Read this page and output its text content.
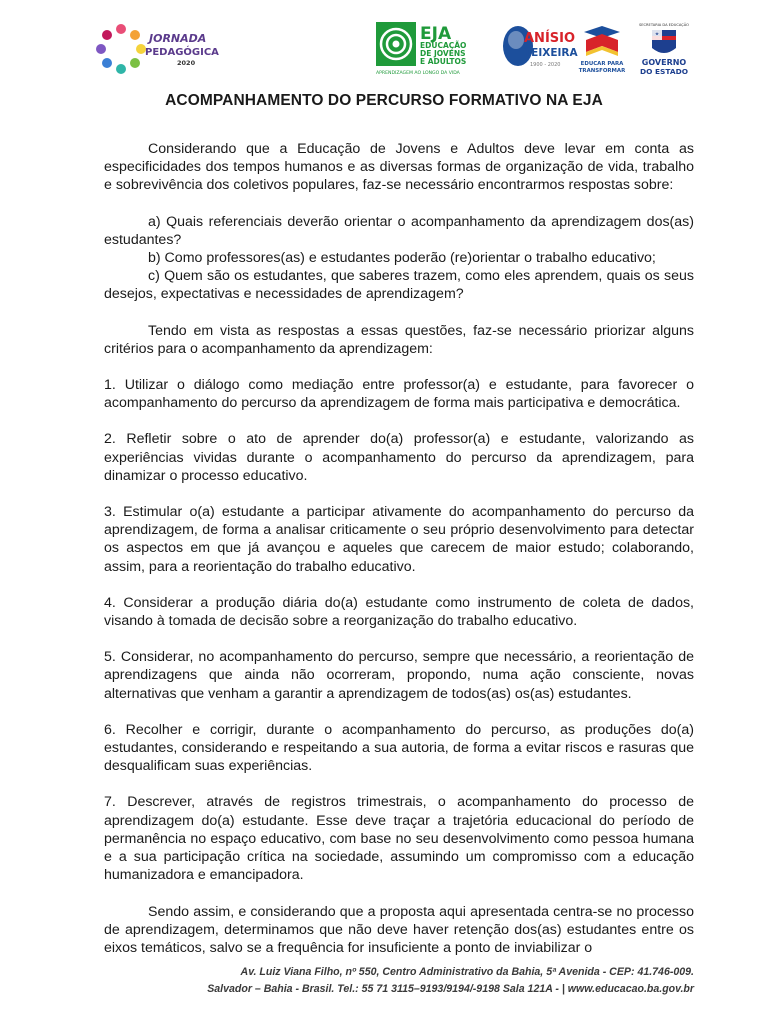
JORNADA
PEDAGÓGICA
2020
EJA
EDUCAÇÃO
DE JOVENS
E ADULTOS
APRENDIZAGEM AO LONGO DA VIDA
ANÍSIO
TEIXEIRA
1900 - 2020	EDUCAR PARA
TRANSFORMAR
SECRETARIA DA EDUCAÇÃO
GOVERNO
DO ESTADO
ACOMPANHAMENTO DO PERCURSO FORMATIVO NA EJA

Considerando que a Educação de Jovens e Adultos deve levar em conta as especificidades dos tempos humanos e as diversas formas de organização de vida, trabalho e sobrevivência dos coletivos populares, faz-se necessário encontrarmos respostas sobre:

a) Quais referenciais deverão orientar o acompanhamento da aprendizagem dos(as) estudantes?

b) Como professores(as) e estudantes poderão (re)orientar o trabalho educativo;

c) Quem são os estudantes, que saberes trazem, como eles aprendem, quais os seus desejos, expectativas e necessidades de aprendizagem?

Tendo em vista as respostas a essas questões, faz-se necessário priorizar alguns critérios para o acompanhamento da aprendizagem:

1. Utilizar o diálogo como mediação entre professor(a) e estudante, para favorecer o acompanhamento do percurso da aprendizagem de forma mais participativa e democrática.

2. Refletir sobre o ato de aprender do(a) professor(a) e estudante, valorizando as experiências vividas durante o acompanhamento do percurso da aprendizagem, para dinamizar o processo educativo.

3. Estimular o(a) estudante a participar ativamente do acompanhamento do percurso da aprendizagem, de forma a analisar criticamente o seu próprio desenvolvimento para detectar os aspectos em que já avançou e aqueles que carecem de maior estudo; colaborando, assim, para a reorientação do trabalho educativo.

4. Considerar a produção diária do(a) estudante como instrumento de coleta de dados, visando à tomada de decisão sobre a reorganização do trabalho educativo.

5. Considerar, no acompanhamento do percurso, sempre que necessário, a reorientação de aprendizagens que ainda não ocorreram, propondo, numa ação consciente, novas alternativas que venham a garantir a aprendizagem de todos(as) os(as) estudantes.

6. Recolher e corrigir, durante o acompanhamento do percurso, as produções do(a) estudantes, considerando e respeitando a sua autoria, de forma a evitar riscos e rasuras que desqualificam suas experiências.

7. Descrever, através de registros trimestrais, o acompanhamento do processo de aprendizagem do(a) estudante. Esse deve traçar a trajetória educacional do período de permanência no espaço educativo, com base no seu desenvolvimento como pessoa humana e a sua participação crítica na sociedade, assumindo um compromisso com a educação humanizadora e emancipadora.

Sendo assim, e considerando que a proposta aqui apresentada centra-se no processo de aprendizagem, determinamos que não deve haver retenção dos(as) estudantes entre os eixos temáticos, salvo se a frequência for insuficiente a ponto de inviabilizar o

Av. Luiz Viana Filho, nº 550, Centro Administrativo da Bahia, 5ª Avenida - CEP: 41.746-009.
Salvador – Bahia - Brasil. Tel.: 55 71 3115–9193/9194/-9198 Sala 121A - | www.educacao.ba.gov.br
